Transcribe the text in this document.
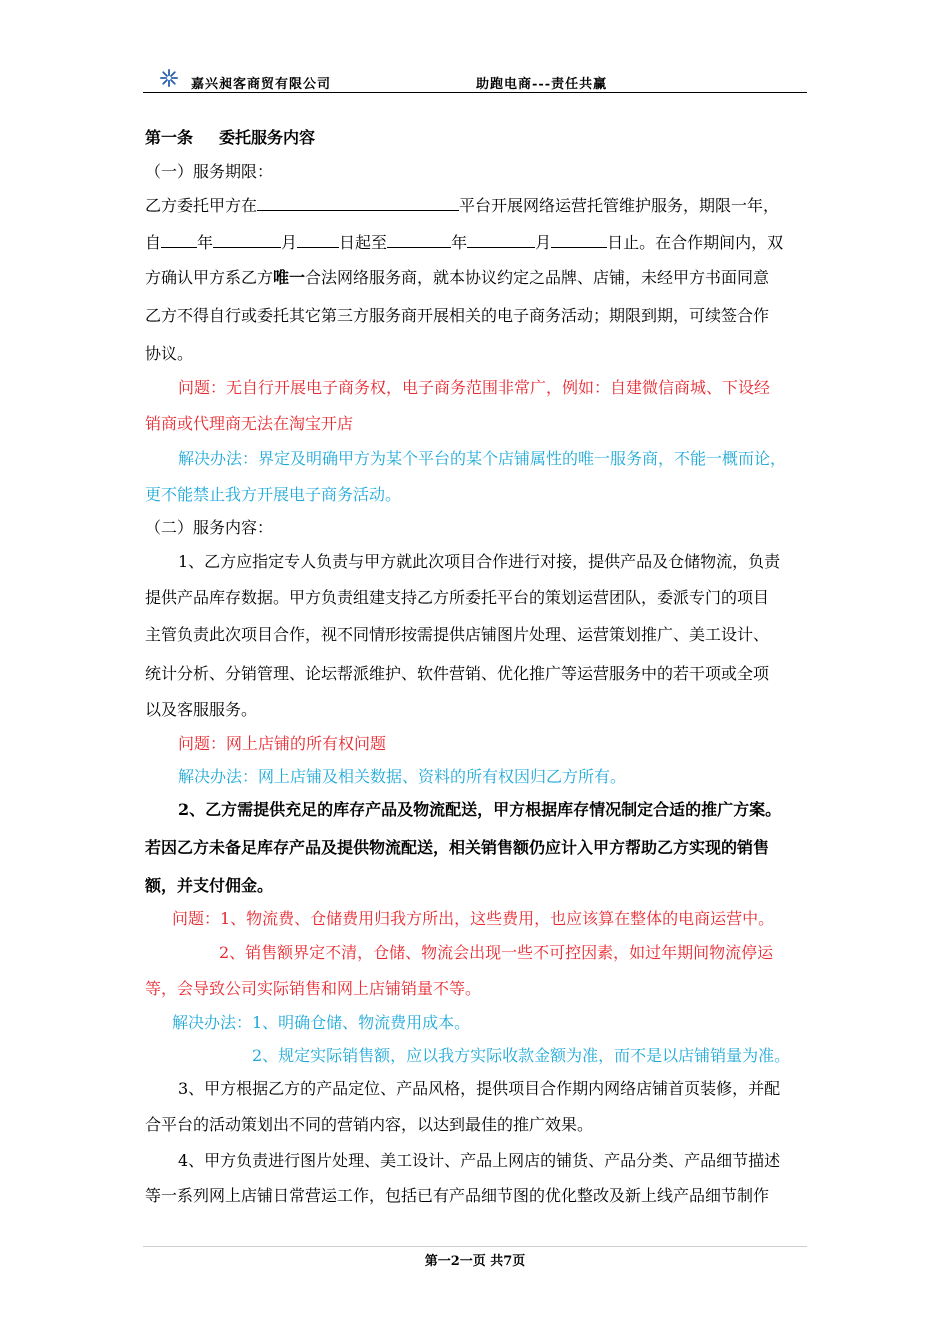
嘉兴昶客商贸有限公司	助跑电商---责任共赢
第一条 委托服务内容
（一）服务期限：
乙方委托甲方在	平台开展网络运营托管维护服务，期限一年，
自 年	月	日起至	年	月	日止。在合作期间内，双
方确认甲方系乙方唯一合法网络服务商，就本协议约定之品牌、店铺，未经甲方书面同意
乙方不得自行或委托其它第三方服务商开展相关的电子商务活动；期限到期，可续签合作
协议。
问题：无自行开展电子商务权，电子商务范围非常广，例如：自建微信商城、下设经
销商或代理商无法在淘宝开店
解决办法：界定及明确甲方为某个平台的某个店铺属性的唯一服务商，不能一概而论，
更不能禁止我方开展电子商务活动。
（二）服务内容：
1、乙方应指定专人负责与甲方就此次项目合作进行对接，提供产品及仓储物流，负责
提供产品库存数据。甲方负责组建支持乙方所委托平台的策划运营团队，委派专门的项目
主管负责此次项目合作，视不同情形按需提供店铺图片处理、运营策划推广、美工设计、
统计分析、分销管理、论坛帮派维护、软件营销、优化推广等运营服务中的若干项或全项
以及客服服务。
问题：网上店铺的所有权问题
解决办法：网上店铺及相关数据、资料的所有权因归乙方所有。
2、乙方需提供充足的库存产品及物流配送，甲方根据库存情况制定合适的推广方案。
若因乙方未备足库存产品及提供物流配送，相关销售额仍应计入甲方帮助乙方实现的销售
额，并支付佣金。
问题：1、物流费、仓储费用归我方所出，这些费用，也应该算在整体的电商运营中。
2、销售额界定不清，仓储、物流会出现一些不可控因素，如过年期间物流停运
等，会导致公司实际销售和网上店铺销量不等。
解决办法：1、明确仓储、物流费用成本。
2、规定实际销售额，应以我方实际收款金额为准，而不是以店铺销量为准。
3、甲方根据乙方的产品定位、产品风格，提供项目合作期内网络店铺首页装修，并配
合平台的活动策划出不同的营销内容，以达到最佳的推广效果。
4、甲方负责进行图片处理、美工设计、产品上网店的铺货、产品分类、产品细节描述
等一系列网上店铺日常营运工作，包括已有产品细节图的优化整改及新上线产品细节制作
第一2一页 共7页
